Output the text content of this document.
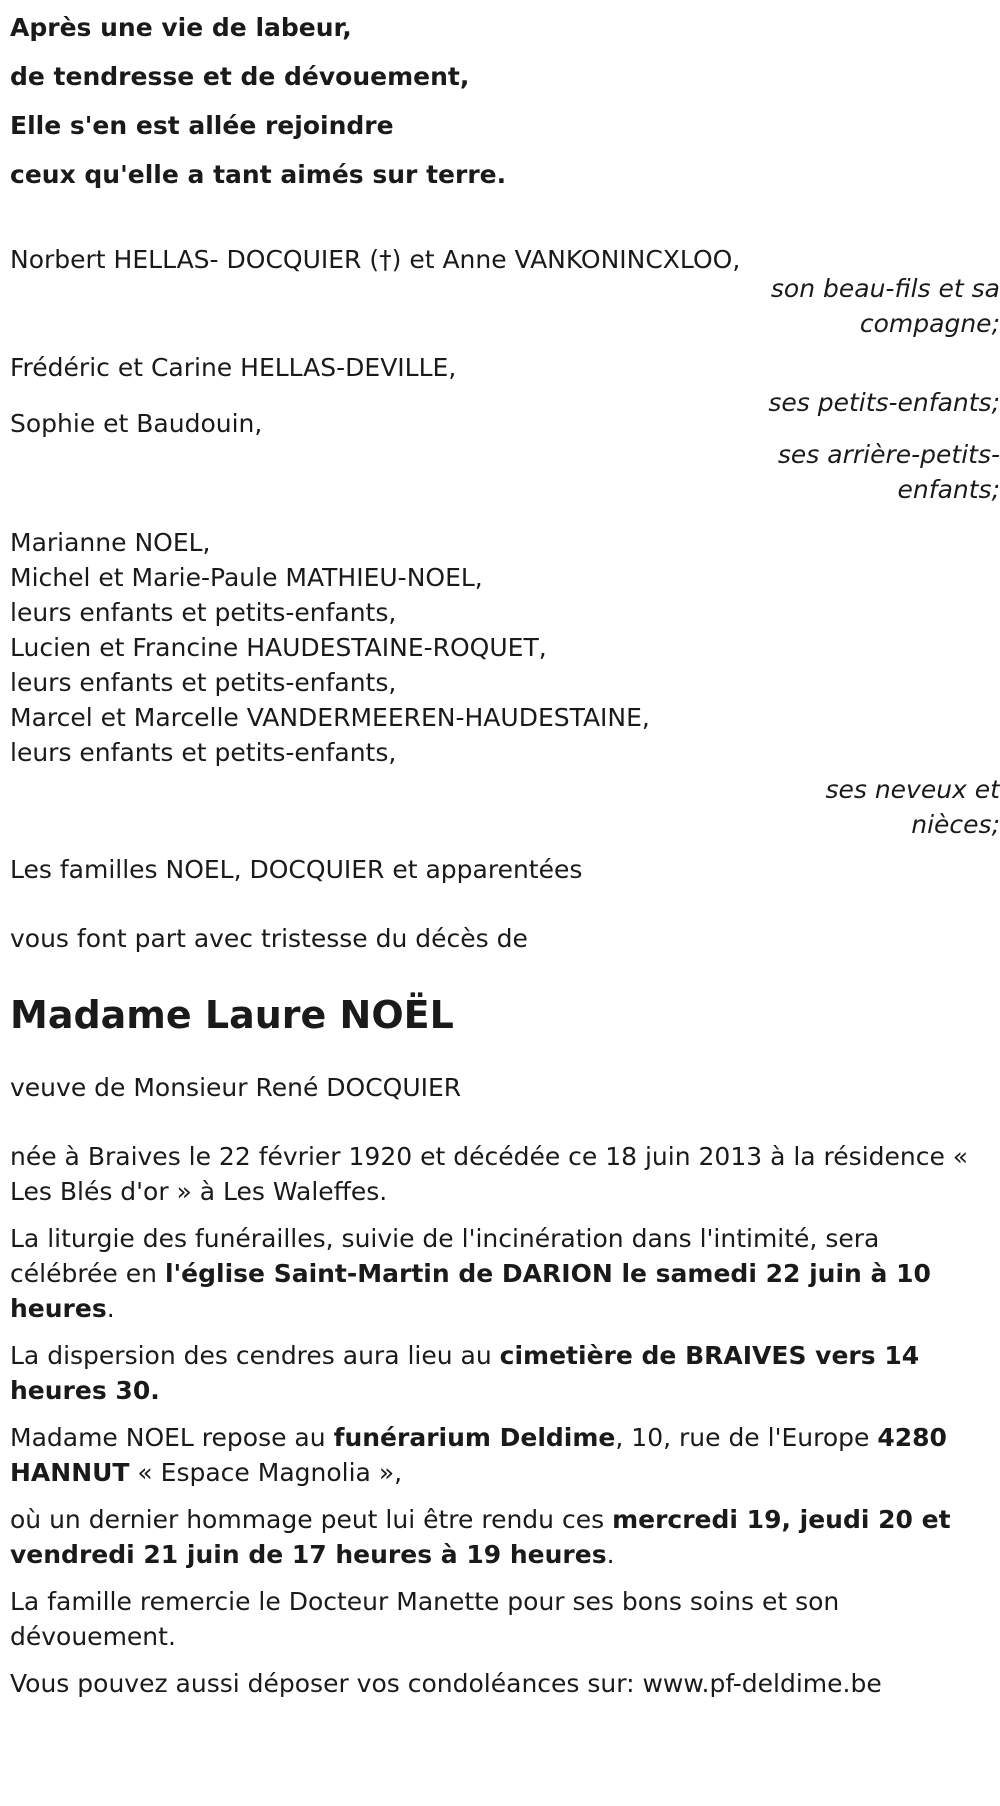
Après une vie de labeur,

de tendresse et de dévouement,

Elle s'en est allée rejoindre

ceux qu'elle a tant aimés sur terre.

Norbert HELLAS- DOCQUIER (†) et Anne VANKONINCXLOO,
son beau-fils et sa compagne;
Frédéric et Carine HELLAS-DEVILLE,
ses petits-enfants;
Sophie et Baudouin,
ses arrière-petits-enfants;
Marianne NOEL,
Michel et Marie-Paule MATHIEU-NOEL,
leurs enfants et petits-enfants,
Lucien et Francine HAUDESTAINE-ROQUET,
leurs enfants et petits-enfants,
Marcel et Marcelle VANDERMEEREN-HAUDESTAINE,
leurs enfants et petits-enfants,
ses neveux et nièces;
Les familles NOEL, DOCQUIER et apparentées

vous font part avec tristesse du décès de

Madame Laure NOËL

veuve de Monsieur René DOCQUIER

née à Braives le 22 février 1920 et décédée ce 18 juin 2013 à la résidence « Les Blés d'or » à Les Waleffes.

La liturgie des funérailles, suivie de l'incinération dans l'intimité, sera célébrée en l'église Saint-Martin de DARION le samedi 22 juin à 10 heures.

La dispersion des cendres aura lieu au cimetière de BRAIVES vers 14 heures 30.

Madame NOEL repose au funérarium Deldime, 10, rue de l'Europe 4280 HANNUT « Espace Magnolia »,

où un dernier hommage peut lui être rendu ces mercredi 19, jeudi 20 et vendredi 21 juin de 17 heures à 19 heures.

La famille remercie le Docteur Manette pour ses bons soins et son dévouement.

Vous pouvez aussi déposer vos condoléances sur: www.pf-deldime.be
